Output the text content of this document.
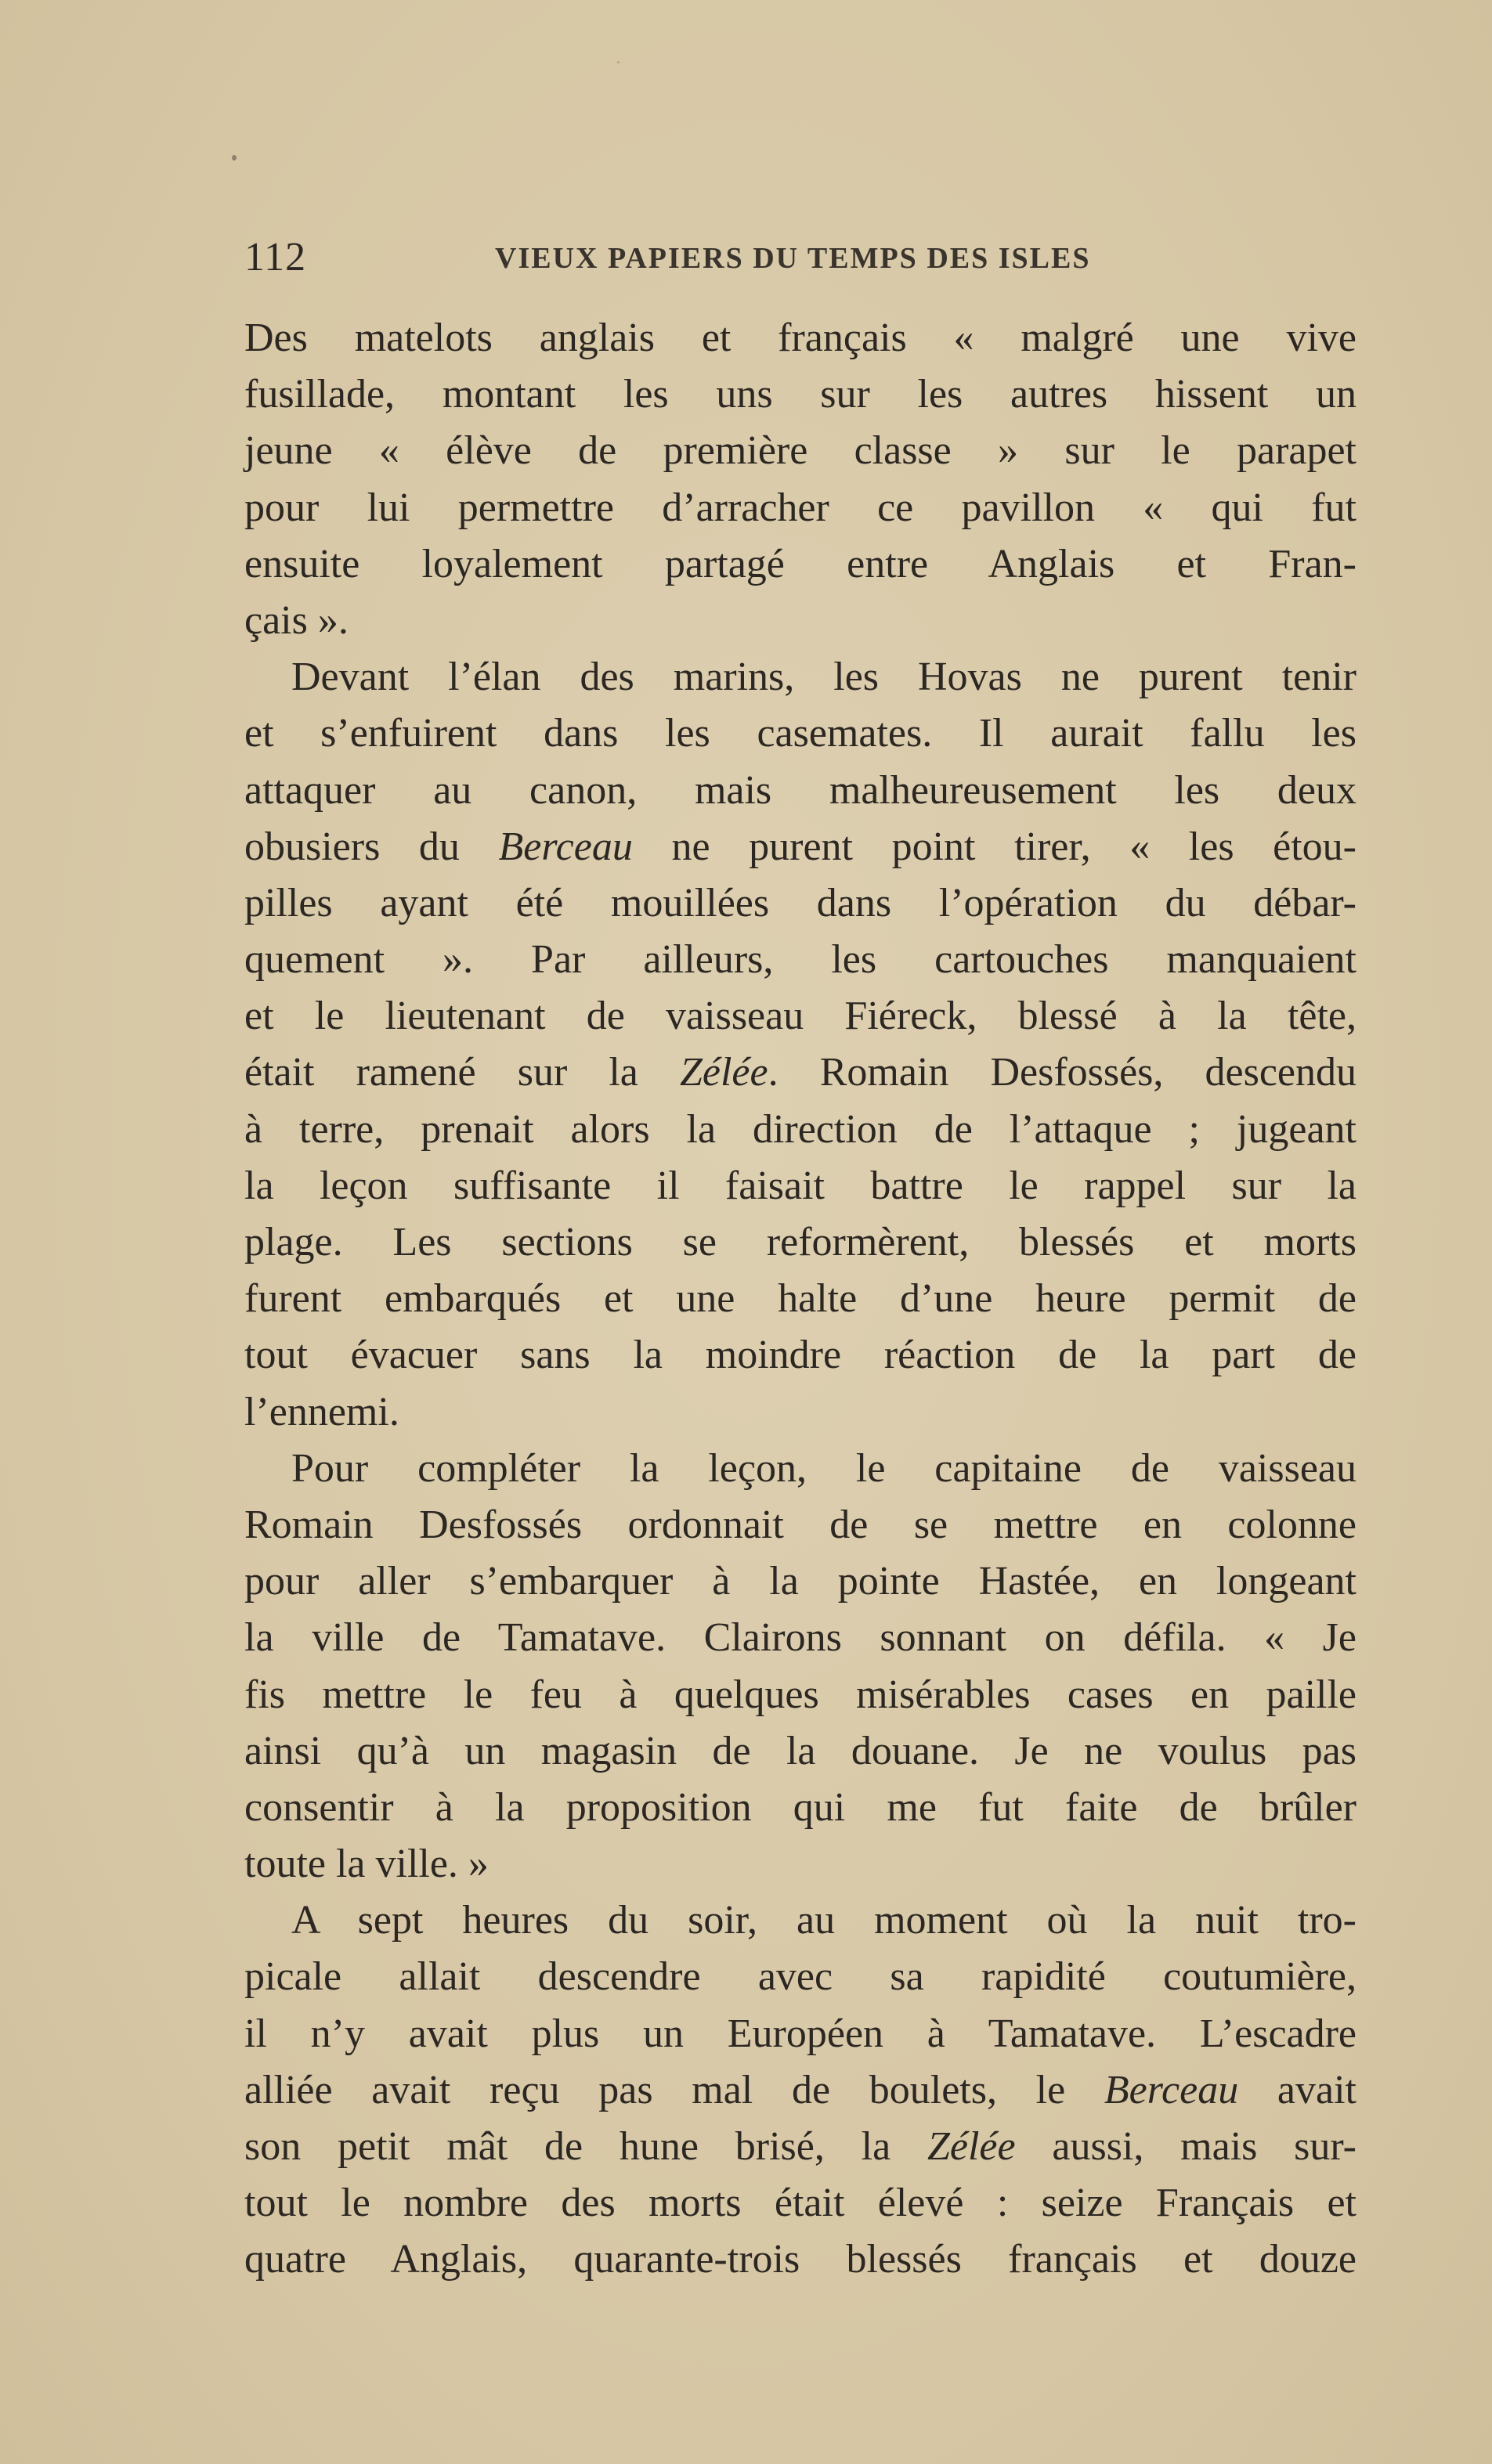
112	VIEUX PAPIERS DU TEMPS DES ISLES
Des matelots anglais et français « malgré une vive
fusillade, montant les uns sur les autres hissent un
jeune « élève de première classe » sur le parapet
pour lui permettre d’arracher ce pavillon « qui fut
ensuite loyalement partagé entre Anglais et Fran-
çais ».
Devant l’élan des marins, les Hovas ne purent tenir
et s’enfuirent dans les casemates. Il aurait fallu les
attaquer au canon, mais malheureusement les deux
obusiers du Berceau ne purent point tirer, « les étou-
pilles ayant été mouillées dans l’opération du débar-
quement ». Par ailleurs, les cartouches manquaient
et le lieutenant de vaisseau Fiéreck, blessé à la tête,
était ramené sur la Zélée. Romain Desfossés, descendu
à terre, prenait alors la direction de l’attaque ; jugeant
la leçon suffisante il faisait battre le rappel sur la
plage. Les sections se reformèrent, blessés et morts
furent embarqués et une halte d’une heure permit de
tout évacuer sans la moindre réaction de la part de
l’ennemi.
Pour compléter la leçon, le capitaine de vaisseau
Romain Desfossés ordonnait de se mettre en colonne
pour aller s’embarquer à la pointe Hastée, en longeant
la ville de Tamatave. Clairons sonnant on défila. « Je
fis mettre le feu à quelques misérables cases en paille
ainsi qu’à un magasin de la douane. Je ne voulus pas
consentir à la proposition qui me fut faite de brûler
toute la ville. »
A sept heures du soir, au moment où la nuit tro-
picale allait descendre avec sa rapidité coutumière,
il n’y avait plus un Européen à Tamatave. L’escadre
alliée avait reçu pas mal de boulets, le Berceau avait
son petit mât de hune brisé, la Zélée aussi, mais sur-
tout le nombre des morts était élevé : seize Français et
quatre Anglais, quarante-trois blessés français et douze
